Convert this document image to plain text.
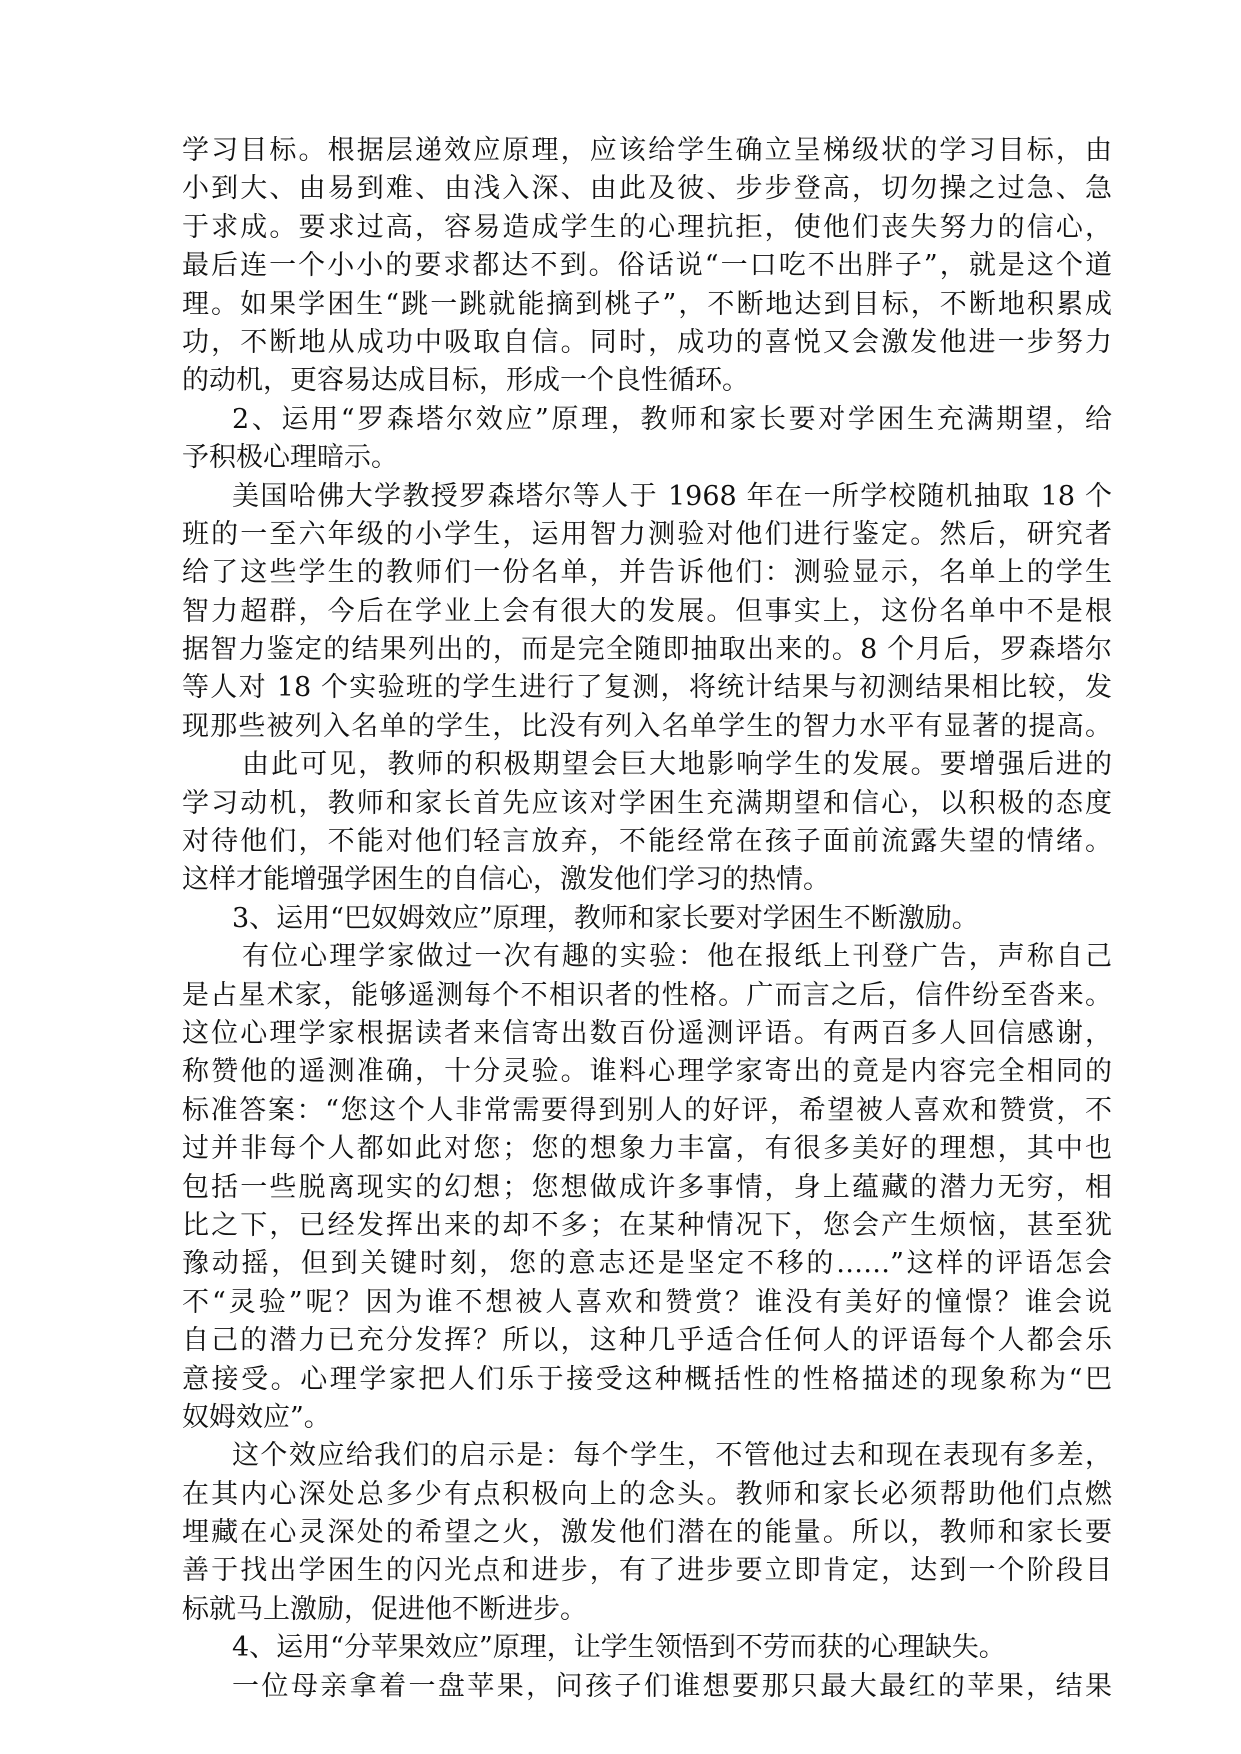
学习目标。根据层递效应原理，应该给学生确立呈梯级状的学习目标，由
小到大、由易到难、由浅入深、由此及彼、步步登高，切勿操之过急、急
于求成。要求过高，容易造成学生的心理抗拒，使他们丧失努力的信心，
最后连一个小小的要求都达不到。俗话说“一口吃不出胖子”，就是这个道
理。如果学困生“跳一跳就能摘到桃子”，不断地达到目标，不断地积累成
功，不断地从成功中吸取自信。同时，成功的喜悦又会激发他进一步努力
的动机，更容易达成目标，形成一个良性循环。
2、运用“罗森塔尔效应”原理，教师和家长要对学困生充满期望，给
予积极心理暗示。
美国哈佛大学教授罗森塔尔等人于 1968 年在一所学校随机抽取 18 个
班的一至六年级的小学生，运用智力测验对他们进行鉴定。然后，研究者
给了这些学生的教师们一份名单，并告诉他们：测验显示，名单上的学生
智力超群，今后在学业上会有很大的发展。但事实上，这份名单中不是根
据智力鉴定的结果列出的，而是完全随即抽取出来的。8 个月后，罗森塔尔
等人对 18 个实验班的学生进行了复测，将统计结果与初测结果相比较，发
现那些被列入名单的学生，比没有列入名单学生的智力水平有显著的提高。
由此可见，教师的积极期望会巨大地影响学生的发展。要增强后进的
学习动机，教师和家长首先应该对学困生充满期望和信心，以积极的态度
对待他们，不能对他们轻言放弃，不能经常在孩子面前流露失望的情绪。
这样才能增强学困生的自信心，激发他们学习的热情。
3、运用“巴奴姆效应”原理，教师和家长要对学困生不断激励。
有位心理学家做过一次有趣的实验：他在报纸上刊登广告，声称自己
是占星术家，能够遥测每个不相识者的性格。广而言之后，信件纷至沓来。
这位心理学家根据读者来信寄出数百份遥测评语。有两百多人回信感谢，
称赞他的遥测准确，十分灵验。谁料心理学家寄出的竟是内容完全相同的
标准答案：“您这个人非常需要得到别人的好评，希望被人喜欢和赞赏，不
过并非每个人都如此对您；您的想象力丰富，有很多美好的理想，其中也
包括一些脱离现实的幻想；您想做成许多事情，身上蕴藏的潜力无穷，相
比之下，已经发挥出来的却不多；在某种情况下，您会产生烦恼，甚至犹
豫动摇，但到关键时刻，您的意志还是坚定不移的……”这样的评语怎会
不“灵验”呢？因为谁不想被人喜欢和赞赏？谁没有美好的憧憬？谁会说
自己的潜力已充分发挥？所以，这种几乎适合任何人的评语每个人都会乐
意接受。心理学家把人们乐于接受这种概括性的性格描述的现象称为“巴
奴姆效应”。
这个效应给我们的启示是：每个学生，不管他过去和现在表现有多差，
在其内心深处总多少有点积极向上的念头。教师和家长必须帮助他们点燃
埋藏在心灵深处的希望之火，激发他们潜在的能量。所以，教师和家长要
善于找出学困生的闪光点和进步，有了进步要立即肯定，达到一个阶段目
标就马上激励，促进他不断进步。
4、运用“分苹果效应”原理，让学生领悟到不劳而获的心理缺失。
一位母亲拿着一盘苹果，问孩子们谁想要那只最大最红的苹果，结果
